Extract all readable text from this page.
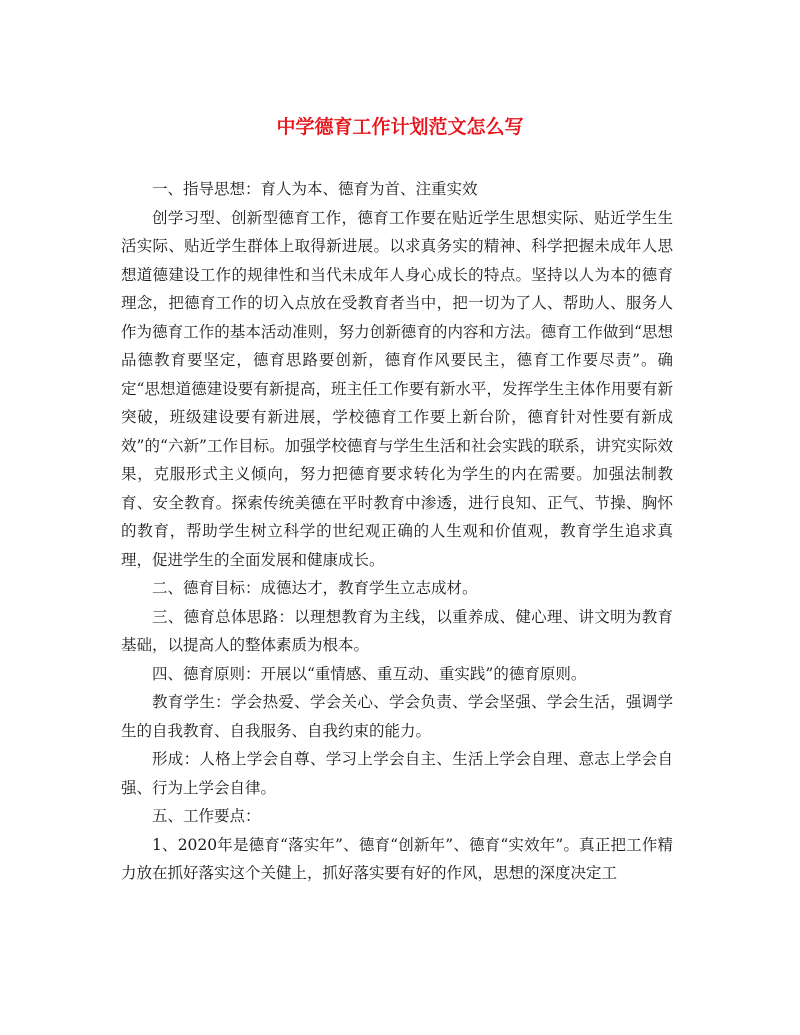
中学德育工作计划范文怎么写

一、指导思想：育人为本、德育为首、注重实效

创学习型、创新型德育工作，德育工作要在贴近学生思想实际、贴近学生生活实际、贴近学生群体上取得新进展。以求真务实的精神、科学把握未成年人思想道德建设工作的规律性和当代未成年人身心成长的特点。坚持以人为本的德育理念，把德育工作的切入点放在受教育者当中，把一切为了人、帮助人、服务人作为德育工作的基本活动准则，努力创新德育的内容和方法。德育工作做到“思想品德教育要坚定，德育思路要创新，德育作风要民主，德育工作要尽责”。确定“思想道德建设要有新提高，班主任工作要有新水平，发挥学生主体作用要有新突破，班级建设要有新进展，学校德育工作要上新台阶，德育针对性要有新成效”的“六新”工作目标。加强学校德育与学生生活和社会实践的联系，讲究实际效果，克服形式主义倾向，努力把德育要求转化为学生的内在需要。加强法制教育、安全教育。探索传统美德在平时教育中渗透，进行良知、正气、节操、胸怀的教育，帮助学生树立科学的世纪观正确的人生观和价值观，教育学生追求真理，促进学生的全面发展和健康成长。

二、德育目标：成德达才，教育学生立志成材。

三、德育总体思路：以理想教育为主线，以重养成、健心理、讲文明为教育基础，以提高人的整体素质为根本。

四、德育原则：开展以“重情感、重互动、重实践”的德育原则。

教育学生：学会热爱、学会关心、学会负责、学会坚强、学会生活，强调学生的自我教育、自我服务、自我约束的能力。

形成：人格上学会自尊、学习上学会自主、生活上学会自理、意志上学会自强、行为上学会自律。

五、工作要点：

1、2020年是德育“落实年”、德育“创新年”、德育“实效年”。真正把工作精力放在抓好落实这个关健上，抓好落实要有好的作风，思想的深度决定工
